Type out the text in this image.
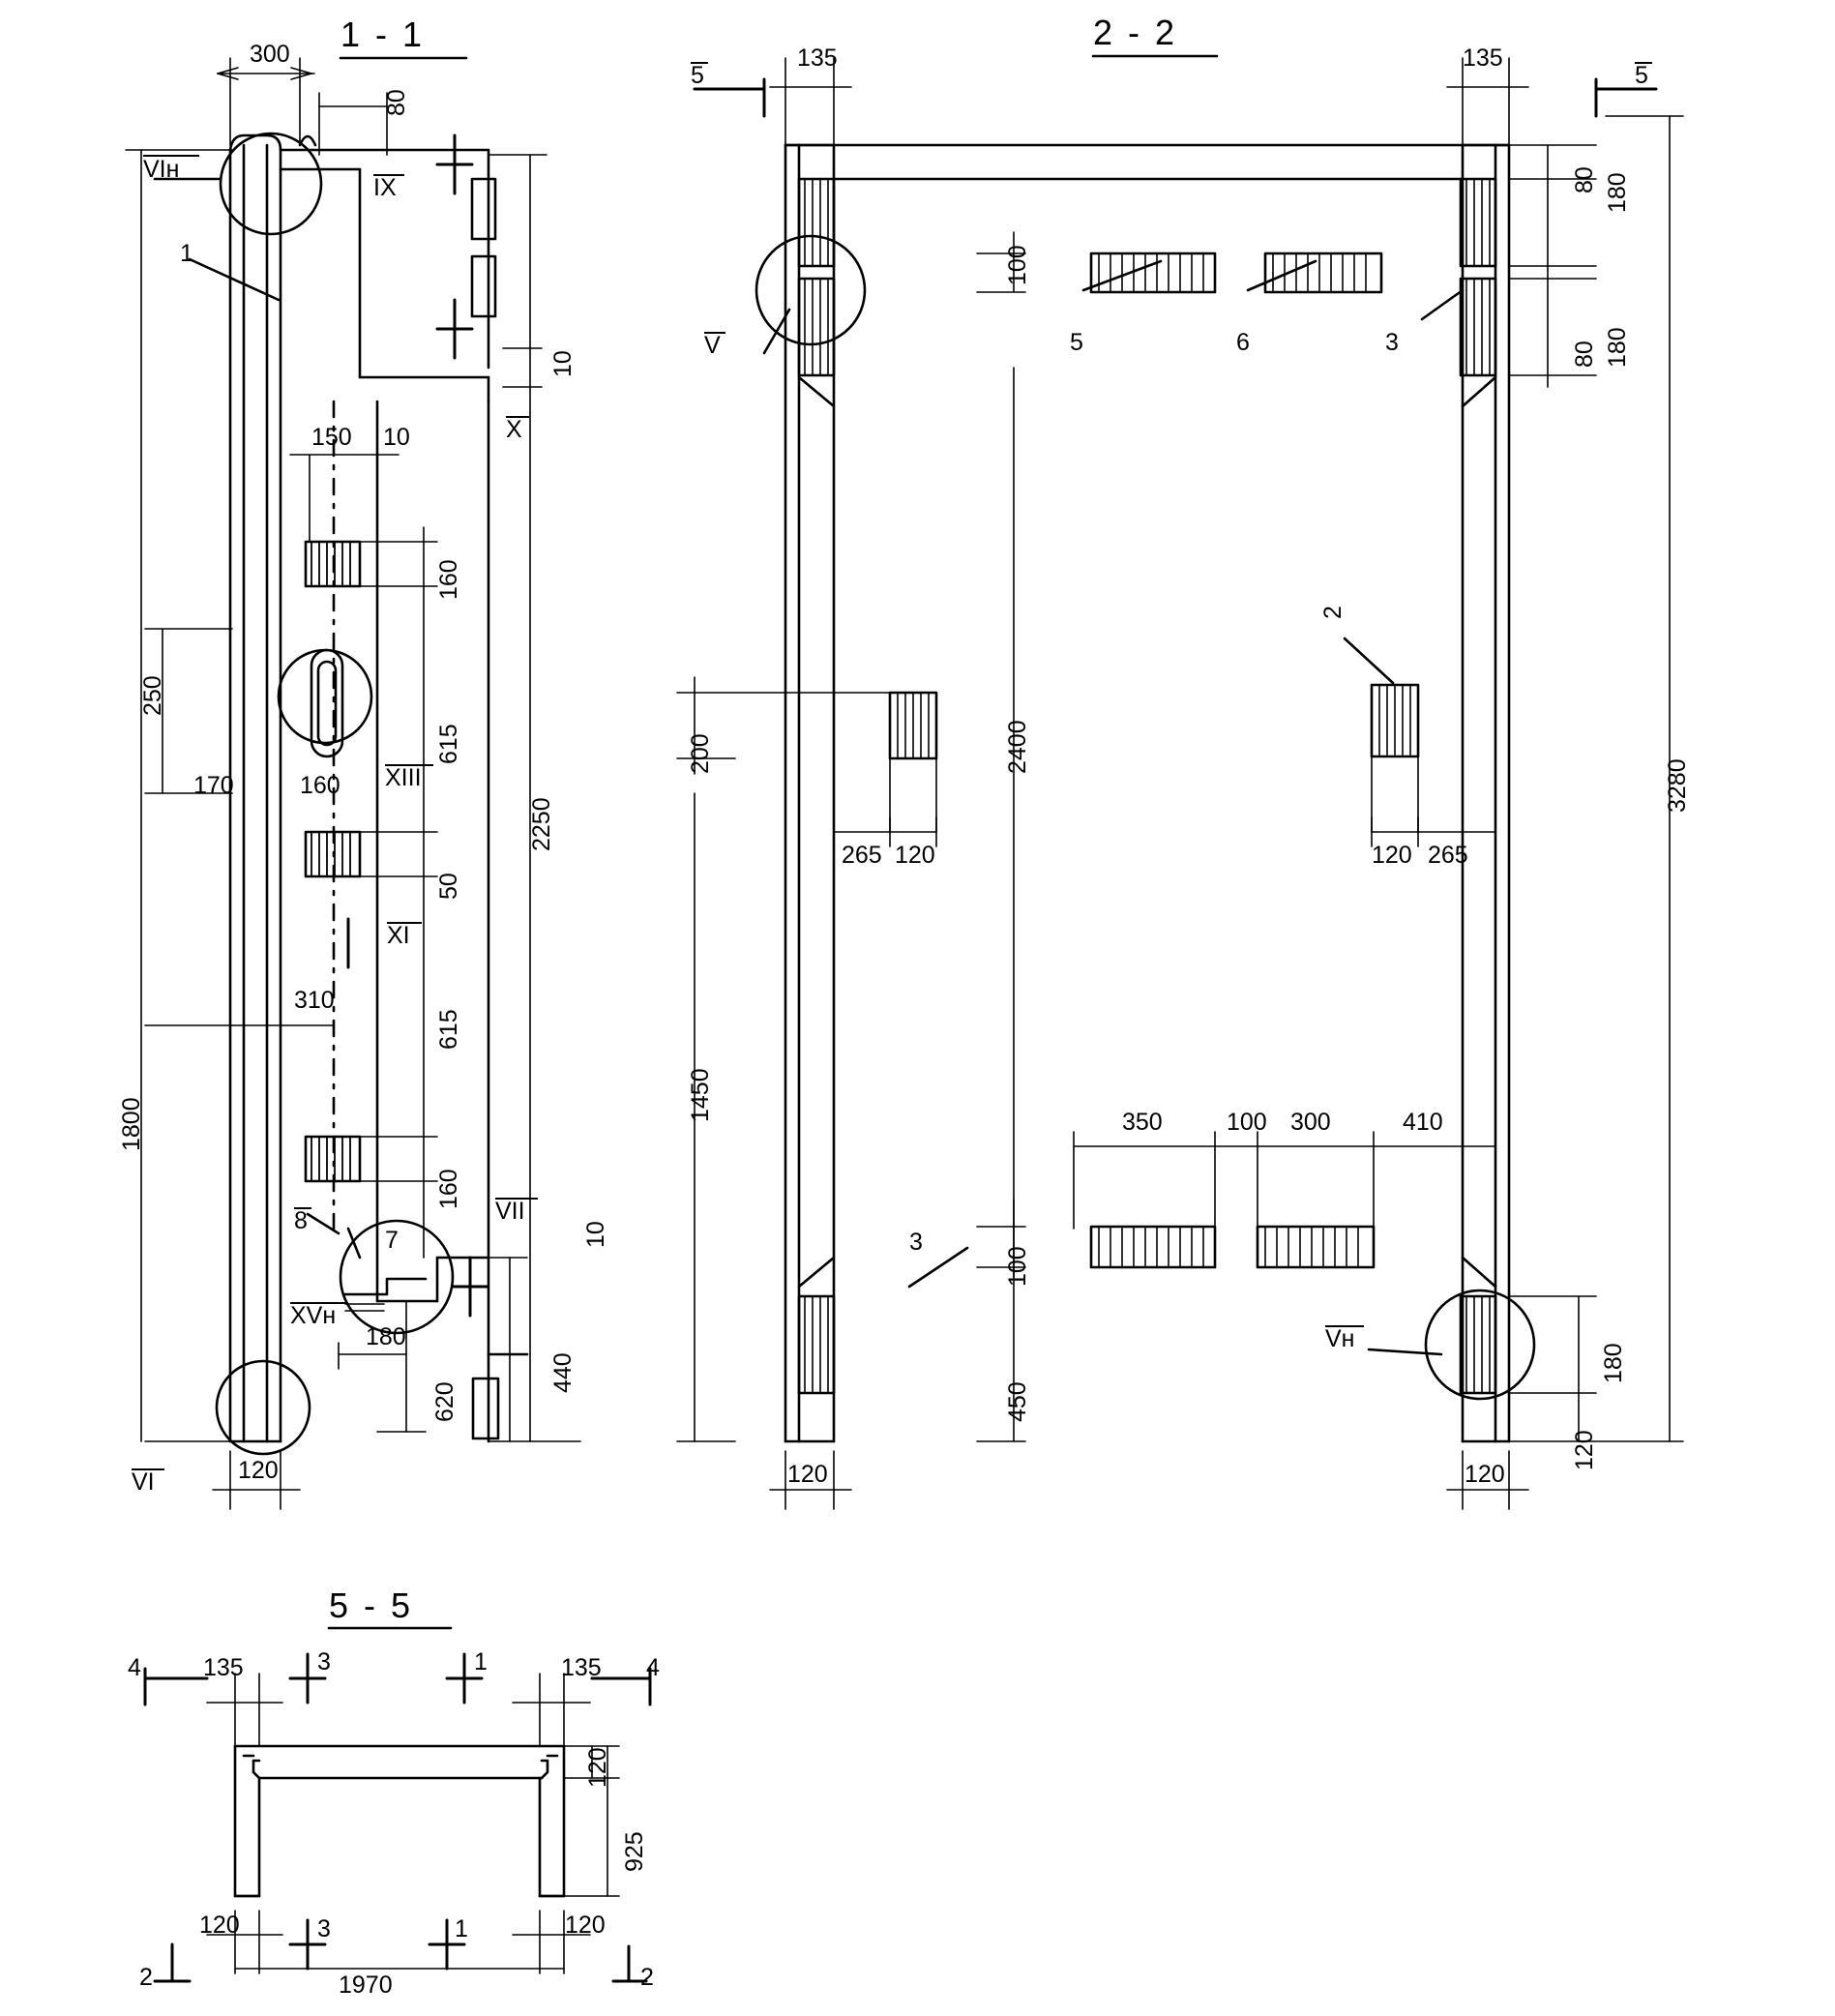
1 - 1	2 - 2
5 - 5
300
80
VIн
IX
1
10
X
150 10
160
615
50
615
160
250
170
1800
160 XIII
XI
310
2250
440
10
VII
8
7
XVн
180
620
VI	120
5	5
135	135
80 180
80 180
V
100
5	6	3
2
200	2400
1450
100
450
3280
265 120	120 265
350	100 300	410
3
Vн
180
120
120	120
4	4
135	135
3	1
120
925
120	120
3	1
1970
2	2
